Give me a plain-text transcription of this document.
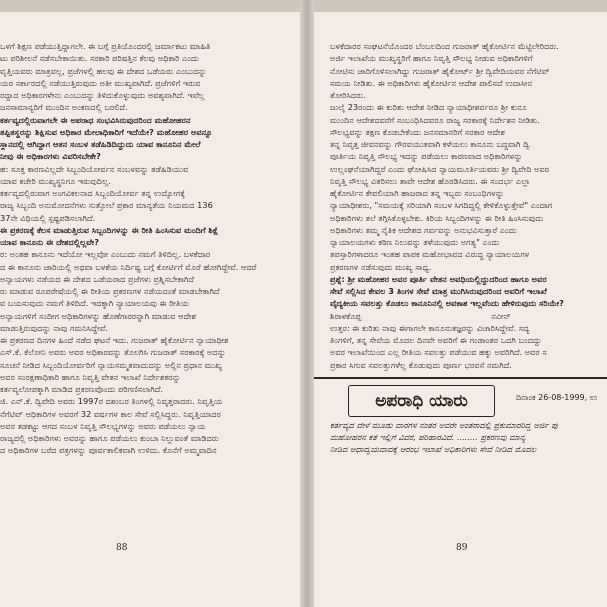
ಒಳಗೆ ಶಿಕ್ಷಣ ಪಡೆಯುತ್ತಿದ್ದಾಗಲೇ. ಈ ಬಗ್ಗೆ ಪ್ರತಿಯೊಂದರಲ್ಲಿ ಜರ್ಮಾಕಟು ಮಾಹಿತಿ
ಟು ಪರಿಶೀಲನೆ ನಡೆಸಬೇಕಾಯಿತು. ಸರಕಾರಿ ಪರಿಷತ್ತಿನ ಕೆಲವು ಅಧಿಕಾರಿ ಎಂದು
ವೃತ್ತಿಯವರು ಮಾತ್ರವಲ್ಲ, ಪ್ರಜೆಗಳಲ್ಲಿ ಹಲವು ಈ ದೇಶದ ಒಡೆಯರು ಎಂಬುದನ್ನು
ಯರ ಸರ್ಕಾರದಲ್ಲಿ ನಡೆಯುತ್ತಿರುವುದು ಅತೀ ಮುಖ್ಯವಾಗಿದೆ. ಪ್ರಜೆಗಳಿಗೆ ಇರುವ
ರದ್ದಾದ ಅಧಿಕಾರಗಳೇನು ಎಂಬುದನ್ನು ತಿಳಿದುಕೊಳ್ಳುವುದು ಅವಶ್ಯವಾಗಿದೆ. ಇವೆಲ್ಲ
ಜನಸಾಮಾನ್ಯರಿಗೆ ಮುಂದಿನ ಅಂಕಣದಲ್ಲಿ ಬರಲಿದೆ.
ಕರ್ತವ್ಯದಲ್ಲಿರುವಾಗಲೇ ಈ ಅಪರಾಧ ಸಂಭವಿಸಿರುವುದರಿಂದ ಮಹೋಹರನ
ತಪ್ಪಿತಸ್ಥರನ್ನು ಶಿಕ್ಷಿಸುವ ಅಧಿಕಾರ ಮೇಲಾಧಿಕಾರಿಗೆ ಇದೆಯೇ? ಮಹೋಹರ ಅವನ್ನೂ
ಸ್ಥಾನದಲ್ಲಿ ಆಗಿದ್ದಾಗ ಆತನ ಸಂಬಳ ತಡೆಹಿಡಿದಿದ್ದುದು ಯಾವ ಕಾನೂನಿನ ಮೇಲೆ
ನೀವು ಈ ಅಧಿಕಾರಗಳು ವಿವರಿಸಬೇಕೇ?
ಹ: ಸೂಕ್ತ ಕಾರಣವಿಲ್ಲದೇ ಸಿಬ್ಬಂದಿಯೋರ್ವನ ಸಂಬಳವನ್ನು ತಡೆಹಿಡಿಯುವ
ಯಾವ ಕಚೇರಿ ಮುಖ್ಯಸ್ಥನಿಗೂ ಇರುವುದಿಲ್ಲ.
ಕರ್ತವ್ಯದಲ್ಲಿರುವಾಗ ಅಂಗವಿಕಲನಾದ ಸಿಬ್ಬಂದಿಯೋರ್ವ ತನ್ನ ಉದ್ಯೋಗಕ್ಕೆ
ರಾಜ್ಯ ಸಿಬ್ಬಂದಿ ಅನುಮೋದನೆಗಳು ಸುತ್ತೋಲೆ ಪ್ರಕಾರ ಮಾನ್ಯತೆಯ ನಿಯಮದ 136
37ನೇ ವಿಧಿಯಲ್ಲಿ ಸ್ಪಷ್ಟಪಡಿಸಲಾಗಿದೆ.
ಈ ಪ್ರಕರಣಕ್ಕೆ ಕೆಲಸ ಮಾಡುತ್ತಿರುವ ಸಿಬ್ಬಂದಿಗಳನ್ನು ಈ ರೀತಿ ಹಿಂಸಿಸುವ ಮಂದಿಗೆ ಶಿಕ್ಷೆ
ಯಾವ ಕಾನೂನು ಈ ದೇಶದಲ್ಲಿಲ್ಲವೇ?
ರ: ಅಂತಹ ಕಾನೂನು ಇದೆಯೋ ಇಲ್ಲವೋ ಎಂಬುದು ನಮಗೆ ತಿಳಿದಿಲ್ಲ. ಬಳಕೆದಾರ
ದ ಈ ಕಾನೂನು ಜಾರಿಯಲ್ಲಿ ಅಥವಾ ಬಳಕೆಯ ನಿರ್ದಿಷ್ಟ ಬಗ್ಗೆ ಕೋರ್ಟಿಗೆ ಮೊರೆ ಹೋಗಿದ್ದೇವೆ. ಆದರೆ
ಅನ್ಯಾಯಗಳು ನಡೆಯದ ಈ ದೇಶದ ಒಡೆಯರಾದ ಪ್ರಜೆಗಳು ಪ್ರಶ್ನಿಸಬೇಕಾಗಿದೆ
ರು ಮಾಡುವ ರೂಪರೇಷೆಯಲ್ಲಿ ಈ ರೀತಿಯ ಪ್ರಕರಣಗಳ ನಡೆಯದಂತೆ ಮಾಡಬೇಕಾಗಿದೆ
ವ ಬಯಸುವುದು ನಮಗೆ ತಿಳಿದಿದೆ. ಇದಕ್ಕಾಗಿ ನ್ಯಾಯಾಲಯವು ಈ ರೀತಿಯ
ಅನ್ಯಾಯಗಳಿಗೆ ಸಂದೀಗ ಅಧಿಕಾರಿಗಳನ್ನು ಹೊಣೆಗಾರರನ್ನಾಗಿ ಮಾಡುವ ಆದೇಶ
ಮಾಡುತ್ತಿರುವುದನ್ನು ನಾವು ಗಮನಿಸಿದ್ದೇವೆ.
ಈ ಪ್ರಕರಣದ ದಿನಗಳ ಹಿಂದೆ ನಡೆದ ಘಟನೆ ಇದು. ಗುಜರಾತ್ ಹೈಕೋರ್ಟಿನ ನ್ಯಾಯಾಧೀಶ
ಎಸ್.ಕೆ. ಕೆಲೋನಿ ಅವರು ಅವರ ಅಧಿಕಾರವನ್ನು ತೊಲಗಿಸಿ ಗುಜರಾತ್ ಸರಕಾರಕ್ಕೆ ಅದನ್ನು
ಸೂಚನೆ ನೀಡಿದ ಸಿಬ್ಬಂದಿಯೋರ್ವರಿಗೆ ನ್ಯಾಯಸಮ್ಮತವಾದುದನ್ನು ಅಲ್ಲಿನ ಪ್ರಧಾನ ಮುಖ್ಯ
ಅವರ ಸಂರಕ್ಷಣಾಧಿಕಾರಿ ಹಾಗೂ ನಿವೃತ್ತಿ ವೇತನ ಇಲಾಖೆ ನಿರ್ದೇಶಕರನ್ನು
ಕರ್ತವ್ಯಲೋಪಕ್ಕಾಗಿ ಮಾಡಿದ ಪ್ರಕರಣವೊಂದು ಪರಿಗಣಿಸಲಾಗಿದೆ.
ಜಿ. ಎನ್.ಕೆ. ದ್ವಿವೇದಿ ಅವರು 1997ರ ದಶಂಬರ ತಿಂಗಳಲ್ಲಿ ನಿವೃತ್ತರಾದರು. ನಿವೃತ್ತಿಯ
ನೆಗೆಟಿವ್ ಆಧಿಕಾರಿಗಳ ಅವರಗೆ 32 ವರ್ಷಗಳ ಕಾಲ ಸೇವೆ ಸಲ್ಲಿಸಿದ್ದರು. ನಿವೃತ್ತಿಯಾದರ
ಅವರ ತಡಕಟ್ಟು ಆಗದ ಸಂಬಳ ನಿವೃತ್ತಿ ಸೌಲಭ್ಯಗಳನ್ನು ಅವರು ಪಡೆಯಲು ನ್ಯಾಯ
ರಾಜ್ಯದಲ್ಲಿ ಅಧಿಕಾರಿಗಳು ಅವರನ್ನು ಹಾಗೂ ಪಡೆಯಲು ಕುಂಬಾ ನಿಲ್ಲುವಂತೆ ಮಾಡಿದರು
ದ ಅಧಿಕಾರಿಗಳ ಬರೆದ ಪತ್ರಗಳನ್ನು ಪೂರ್ವಕಾಲಿಕವಾಗಿ ಉಳಿದು. ಕೊನೆಗೆ ಅಮ್ಮವಾದಿನ
88
ಬಳಕೆದಾರರ ಸಂಘಟನೆಯೊಂದರ ಬೆಂಬಲದಿಂದ ಗುಜರಾತ್ ಹೈಕೋರ್ಟಿನ ಮೆಟ್ಟಿಲೇರಿದರು.
ಅರ್ಜಿ ಇಲಾಖೆಯ ಮುಖ್ಯಸ್ಥರಿಗೆ ಹಾಗೂ ನಿವೃತ್ತಿ ಸೌಲಭ್ಯ ನೀಡುವ ಅಧಿಕಾರಿಗಳಿಗೆ
ನೋಟಿಸು ಜಾರಿಗೊಳಿಸಲಾಗಿದ್ದು ಗುಜರಾತ್ ಹೈಕೋರ್ಟ್ ಶ್ರೀ ದ್ವಿವೇದಿಯವರ ನೆಗೆಟಿವ್
ಸಮಯ ನೀಡಿತು. ಈ ಅಧಿಕಾರಿಗಳು ಹೈಕೋರ್ಟಿನ ಆದೇಶ ಪಾಲಿಸದೆ ಉದಾಸೀನ
ತೋರಿಸಿದರು.
ಜುಲೈ 23ರಂದು ಈ ಕುರಿತು ಆದೇಶ ನೀಡಿದ ನ್ಯಾಯಾಧೀಶರ್ವರೂ ಶ್ರೀ ಕುನೂ
ಮುಂದಿನ ಆದೇಶದವರೆಗೆ ಸಂಬಂಧಿಸಿದವರೂ ರಾಜ್ಯ ಸರಕಾರಕ್ಕೆ ನಿರ್ದೇಶನ ನೀಡಿತು.
ಸೌಲಭ್ಯವನ್ನು ತಕ್ಷಣ ಕೊಡಬೇಕೆಂದು ಜನಸಮಾನರಿಗೆ ಸರಕಾರ ಆದೇಶ
ತನ್ನ ನಿವೃತ್ತ ಜೀವನವನ್ನು ಗೌರವಯುತವಾಗಿ ಕಳೆಯಲು ಕಾನೂನು ಬದ್ಧವಾಗಿ ದ್ವಿ
ಪೂರ್ತಿಯ ನಿವೃತ್ತಿ ಸೌಲಭ್ಯ ಇದನ್ನು ಪಡೆಯಲು ಕಾರಣವಾದ ಅಧಿಕಾರಿಗಳನ್ನು
ಉಲ್ಲಂಘನೆಯಾಗಿದ್ದರೆ ಎಂದು ಘೋಷಿಸಿದ ನ್ಯಾಯಮೂರ್ತಿಯವರು ಶ್ರೀ ದ್ವಿವೇದಿ ಅವರ
ನಿವೃತ್ತಿ ಸೌಲಭ್ಯ ವಿತರಿಸಲು ತಾವೇ ಆದೇಶ ಹೊರಡಿಸಿದರು. ಈ ಸಂದರ್ಭ ಎಲ್ಲಾ
ಹೈಕೋರ್ಟಿನ ಕೇವಲಿಯಾಗಿ ಹಾಜರಾದ ತನ್ನ ಇಬ್ಬರು ಸಂಬಂಧಿಗಳನ್ನು
ನ್ಯಾಯಾಧೀಶರು, "ಸಮಯಕ್ಕೆ ಸರಿಯಾಗಿ ಸಂಬಳ ಸಿಗದಿದ್ದಲ್ಲಿ ಕೇಳಿಕೊಳ್ಳುತ್ತೇವೆ" ಎಂದಾಗ
ಅಧಿಕಾರಿಗಳು ತಲೆ ತಗ್ಗಿಸಿಕೊಳ್ಳಬೇಕು. ಕಿರಿಯ ಸಿಬ್ಬಂದಿಗಳನ್ನು ಈ ರೀತಿ ಹಿಂಸಿಸುವುದು
ಅಧಿಕಾರಿಗಳು ತಮ್ಮ ನೈತಿಕ ಆದೇಶದ ಗರ್ವವನ್ನು ಅನುಭವಿಸುತ್ತಾರೆ ಎಂದು
ನ್ಯಾಯಾಲಯಗಳು ಕಠಿಣ ನಿಲುವನ್ನು ತಳೆಯುವುದು ಅಗತ್ಯ" ಎಂದು
ತಪಸ್ತಾರಿಗಳಾದರೂ ಇಂತಹ ಪಾಪಕ ಮಹೋಭಾವದ ವಿರುದ್ಧ ನ್ಯಾಯಾಲಯಗಳ
ಪ್ರಕರಣಗಳ ನಡೆಸುವುದು ಮುಖ್ಯ ಸಾಧ್ಯ.
ಪ್ರಶ್ನೆ: ಶ್ರೀ ಮಹೋಹರ ಅವರ ಪೂರ್ತಿ ವೇತನ ಅವಧಿಯಲ್ಲಿದ್ದುದರಿಂದ ಹಾಗೂ ಅವರ
ಸೇವೆ ಸಲ್ಲಿಸಿದ ಕೇವಲ 3 ತಿಂಗಳ ಸೇವೆ ಮಾತ್ರ ಮುಗಿಸಿರುವುದರಿಂದ ಅವರಿಗೆ ಇಲಾಖೆ
ವೈದ್ಯಕೀಯ ಸವಲತ್ತು ಕೊಡಲು ಕಾನೂನಿನಲ್ಲಿ ಅವಕಾಶ ಇಲ್ಲವೆಂದು ಹೇಳಿರುವುದು ಸರಿಯೇ?
ಶಿರಾಳಕೊಪ್ಪ	ನವೀನ್
ಉತ್ತರ: ಈ ಕುರಿತು ನಾವು ಈಗಾಗಲೇ ಕಾನೂನುತಜ್ಞರನ್ನು ವಿಚಾರಿಸಿದ್ದೇವೆ. ಸದ್ಯ
ತಿಂಗಳಿಗೆ, ತನ್ನ ಸೇವೆಯ ಮೊದಲ ದಿನವೇ ಅವರಿಗೆ ಈ ಗಂಡಾಂತರ ಒದಗಿ ಬಂದದ್ದು
ಅವರ ಇಲಾಖೆಯಿಂದ ಎಲ್ಲ ರೀತಿಯ ಸವಲತ್ತು ಪಡೆಯುವ ಹಕ್ಕು ಅವರಿಗಿದೆ. ಅವರ ಸ
ಪ್ರಕಾರ ಸಿಗುವ ಸವಲತ್ತುಗಳೆಲ್ಲ ಕೊಡುವುದು ಪೂರ್ಣ ಭರವಸೆ ನಮಗಿದೆ.
ಅಪರಾಧಿ ಯಾರು	ದಿನಾಂಕ 26-08-1999, ಉ
ಕರ್ತವ್ಯದ ವೇಳೆ ಮೂಡು ವಾರಗಳ ನಂತರ ಅವರೇ ಅಂತರಾದಲ್ಲಿ ಪ್ರಕುಮಾರರಿದ್ದ ಅರ್ಜಿ ಪು
ಮಹೋಹರನ ಕತೆ ಇಲ್ಲಿಗೆ ವಿವರ, ಪರಿಹಾರವಿದೆ. ........ ಪ್ರಕರಣವು ಮಾನ್ಯ
ನೀಡಿದ ಅಧಾದ್ವಯವಾದಕ್ಕೆ ಆರಂಭ ಇಲಾಖೆ ಅಧಿಕಾರಿಗಳು ಸೇವೆ ನೀಡಿದ ಮೊದಲ
89
